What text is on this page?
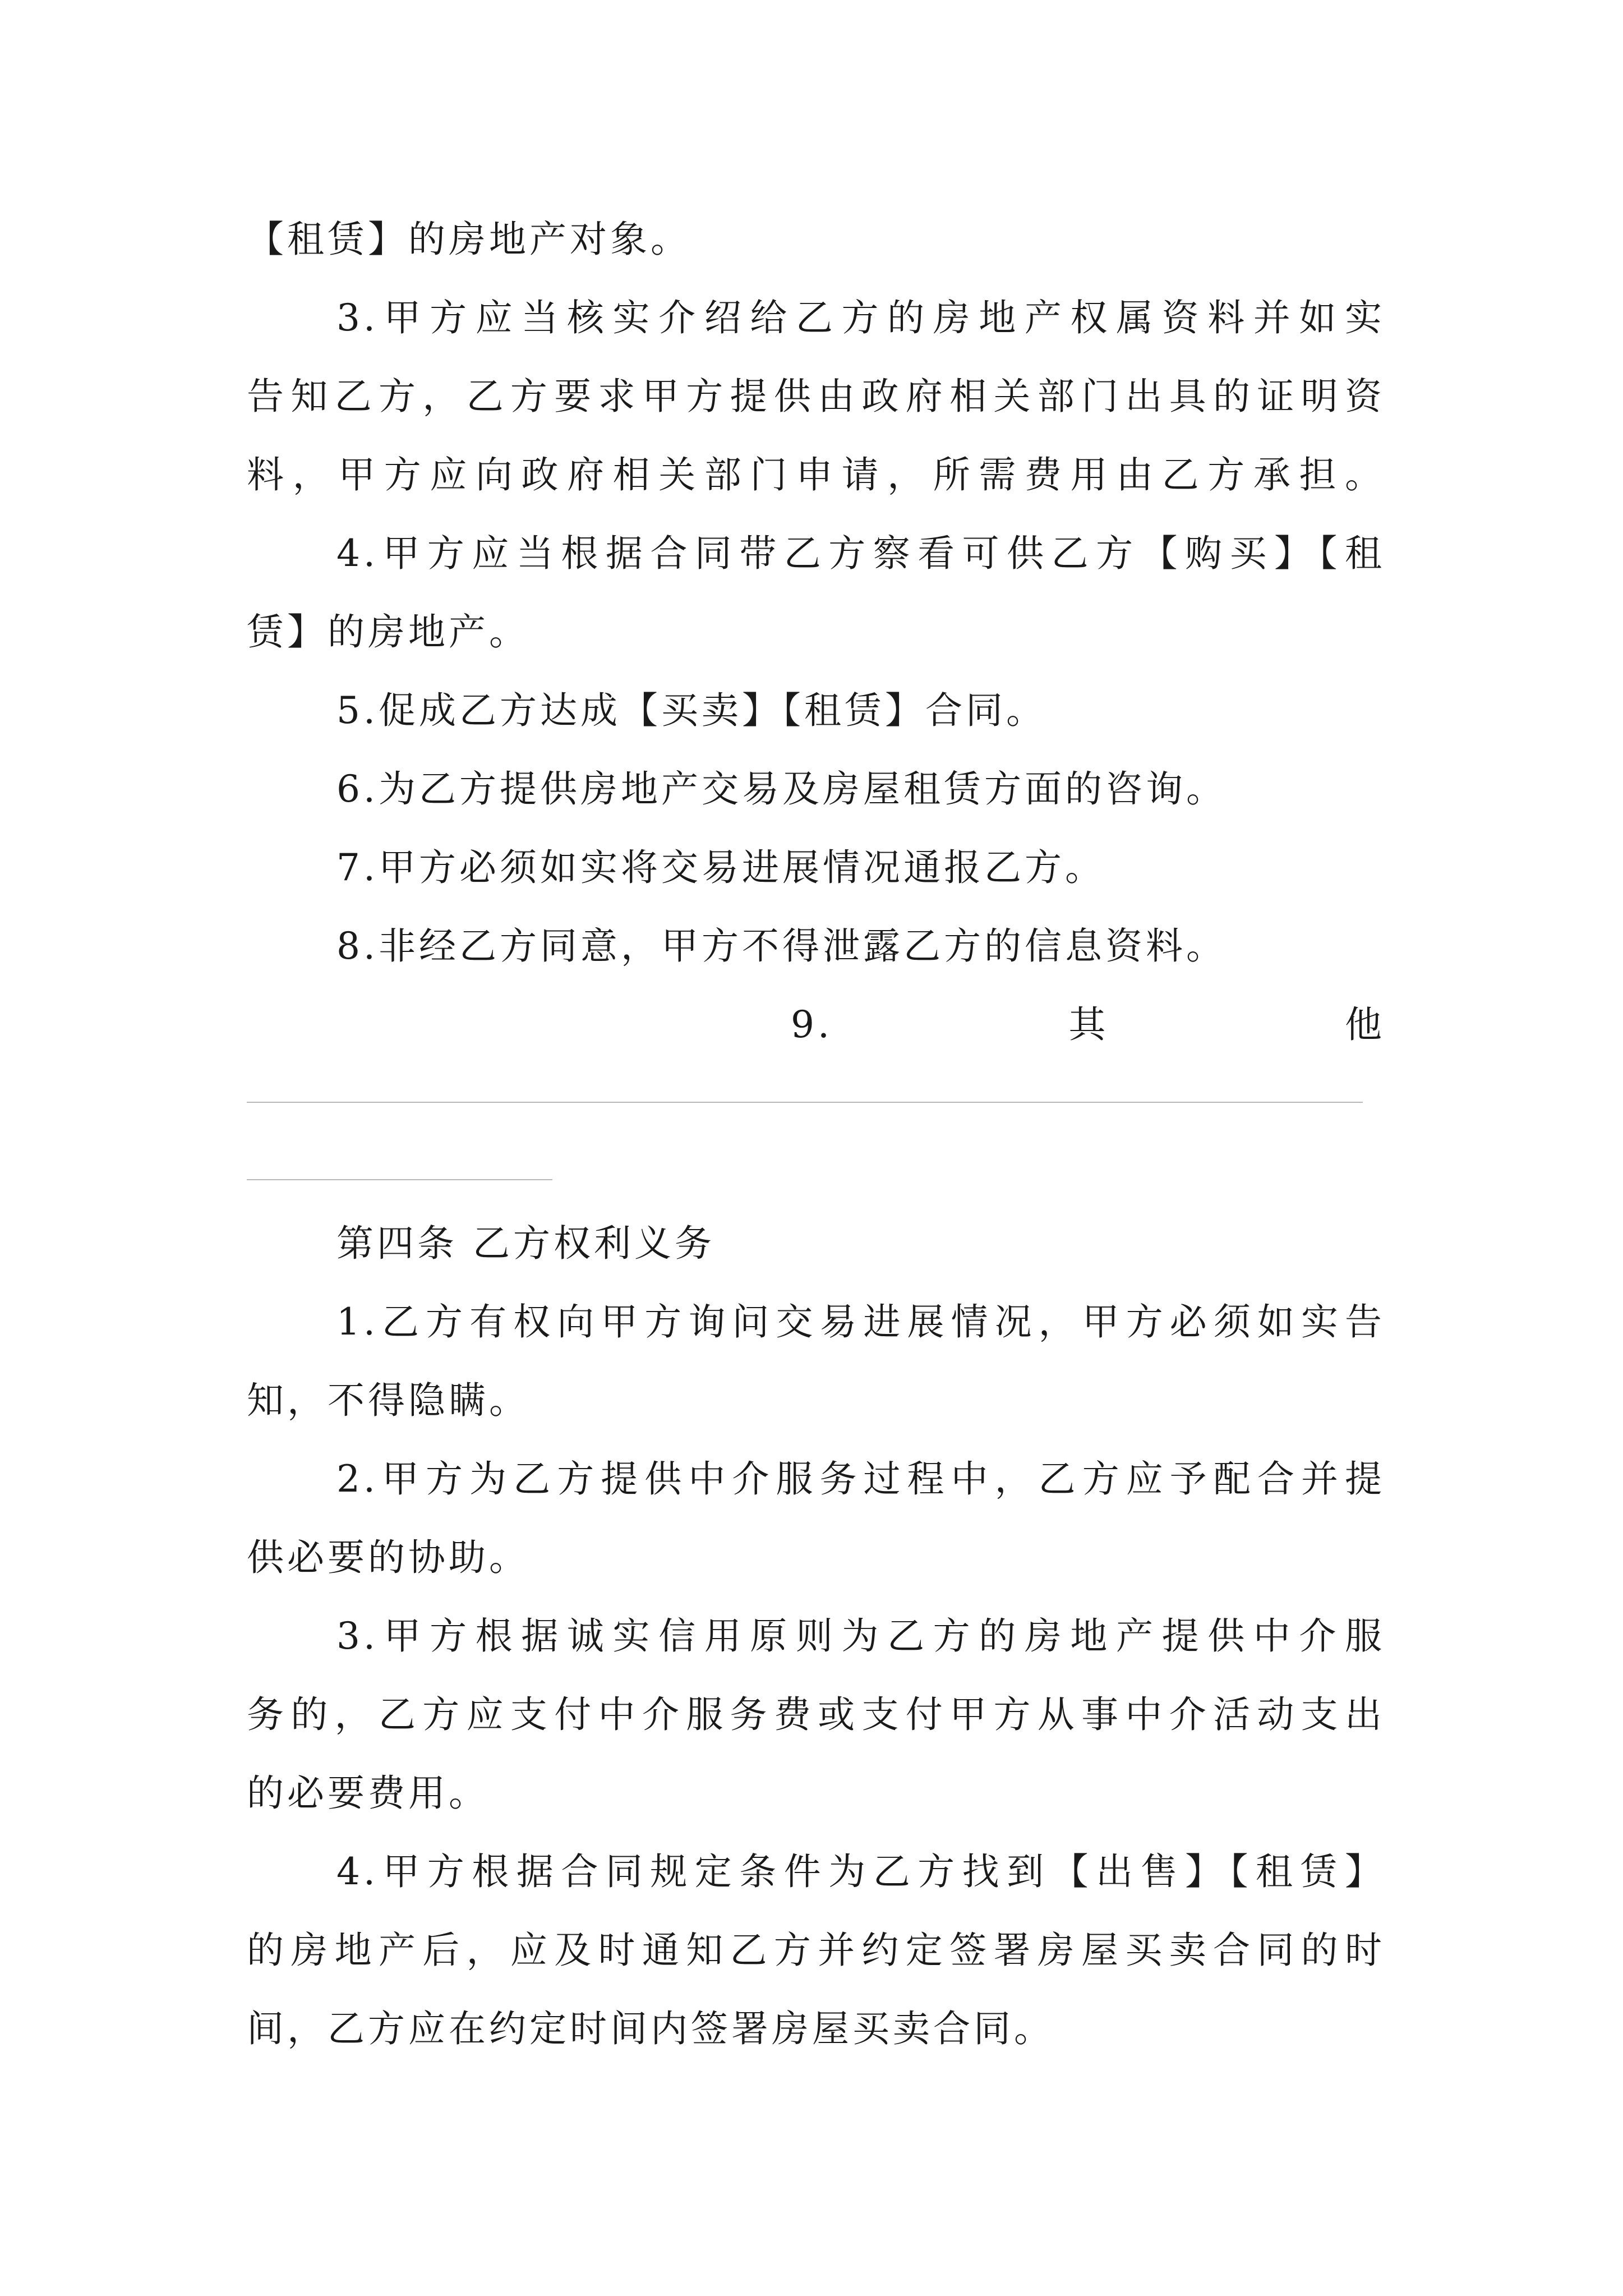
【租赁】的房地产对象。
3.甲方应当核实介绍给乙方的房地产权属资料并如实
告知乙方，乙方要求甲方提供由政府相关部门出具的证明资
料，甲方应向政府相关部门申请，所需费用由乙方承担。
4.甲方应当根据合同带乙方察看可供乙方【购买】【租
赁】的房地产。
5.促成乙方达成【买卖】【租赁】合同。
6.为乙方提供房地产交易及房屋租赁方面的咨询。
7.甲方必须如实将交易进展情况通报乙方。
8.非经乙方同意，甲方不得泄露乙方的信息资料。
9.	其	他
第四条 乙方权利义务
1.乙方有权向甲方询问交易进展情况，甲方必须如实告
知，不得隐瞒。
2.甲方为乙方提供中介服务过程中，乙方应予配合并提
供必要的协助。
3.甲方根据诚实信用原则为乙方的房地产提供中介服
务的，乙方应支付中介服务费或支付甲方从事中介活动支出
的必要费用。
4.甲方根据合同规定条件为乙方找到【出售】【租赁】
的房地产后，应及时通知乙方并约定签署房屋买卖合同的时
间，乙方应在约定时间内签署房屋买卖合同。
